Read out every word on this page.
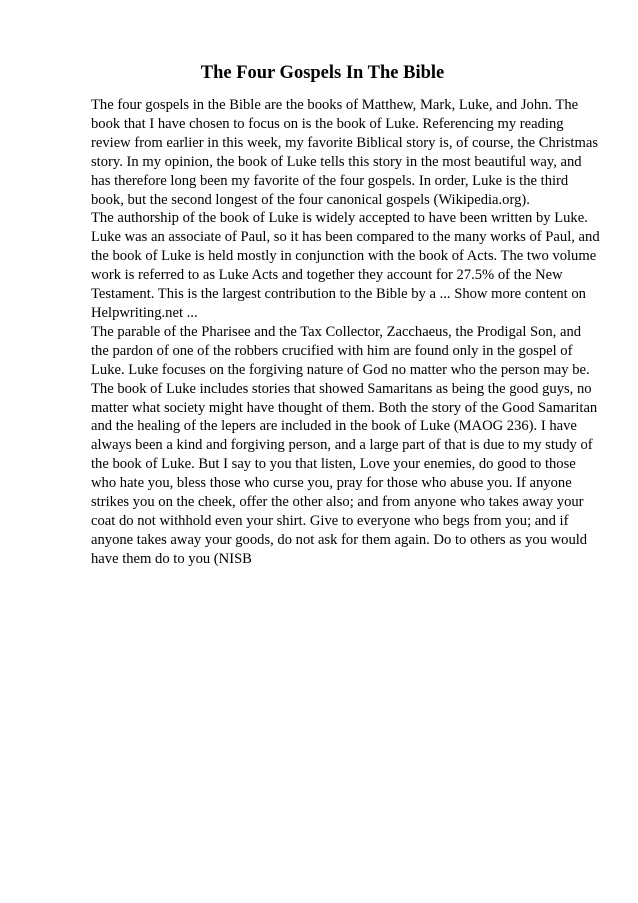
The Four Gospels In The Bible

The four gospels in the Bible are the books of Matthew, Mark, Luke, and John. The book that I have chosen to focus on is the book of Luke. Referencing my reading review from earlier in this week, my favorite Biblical story is, of course, the Christmas story. In my opinion, the book of Luke tells this story in the most beautiful way, and has therefore long been my favorite of the four gospels. In order, Luke is the third book, but the second longest of the four canonical gospels (Wikipedia.org).

The authorship of the book of Luke is widely accepted to have been written by Luke. Luke was an associate of Paul, so it has been compared to the many works of Paul, and the book of Luke is held mostly in conjunction with the book of Acts. The two volume work is referred to as Luke Acts and together they account for 27.5% of the New Testament. This is the largest contribution to the Bible by a ... Show more content on Helpwriting.net ...

The parable of the Pharisee and the Tax Collector, Zacchaeus, the Prodigal Son, and the pardon of one of the robbers crucified with him are found only in the gospel of Luke. Luke focuses on the forgiving nature of God no matter who the person may be. The book of Luke includes stories that showed Samaritans as being the good guys, no matter what society might have thought of them. Both the story of the Good Samaritan and the healing of the lepers are included in the book of Luke (MAOG 236). I have always been a kind and forgiving person, and a large part of that is due to my study of the book of Luke. But I say to you that listen, Love your enemies, do good to those who hate you, bless those who curse you, pray for those who abuse you. If anyone strikes you on the cheek, offer the other also; and from anyone who takes away your coat do not withhold even your shirt. Give to everyone who begs from you; and if anyone takes away your goods, do not ask for them again. Do to others as you would have them do to you (NISB
